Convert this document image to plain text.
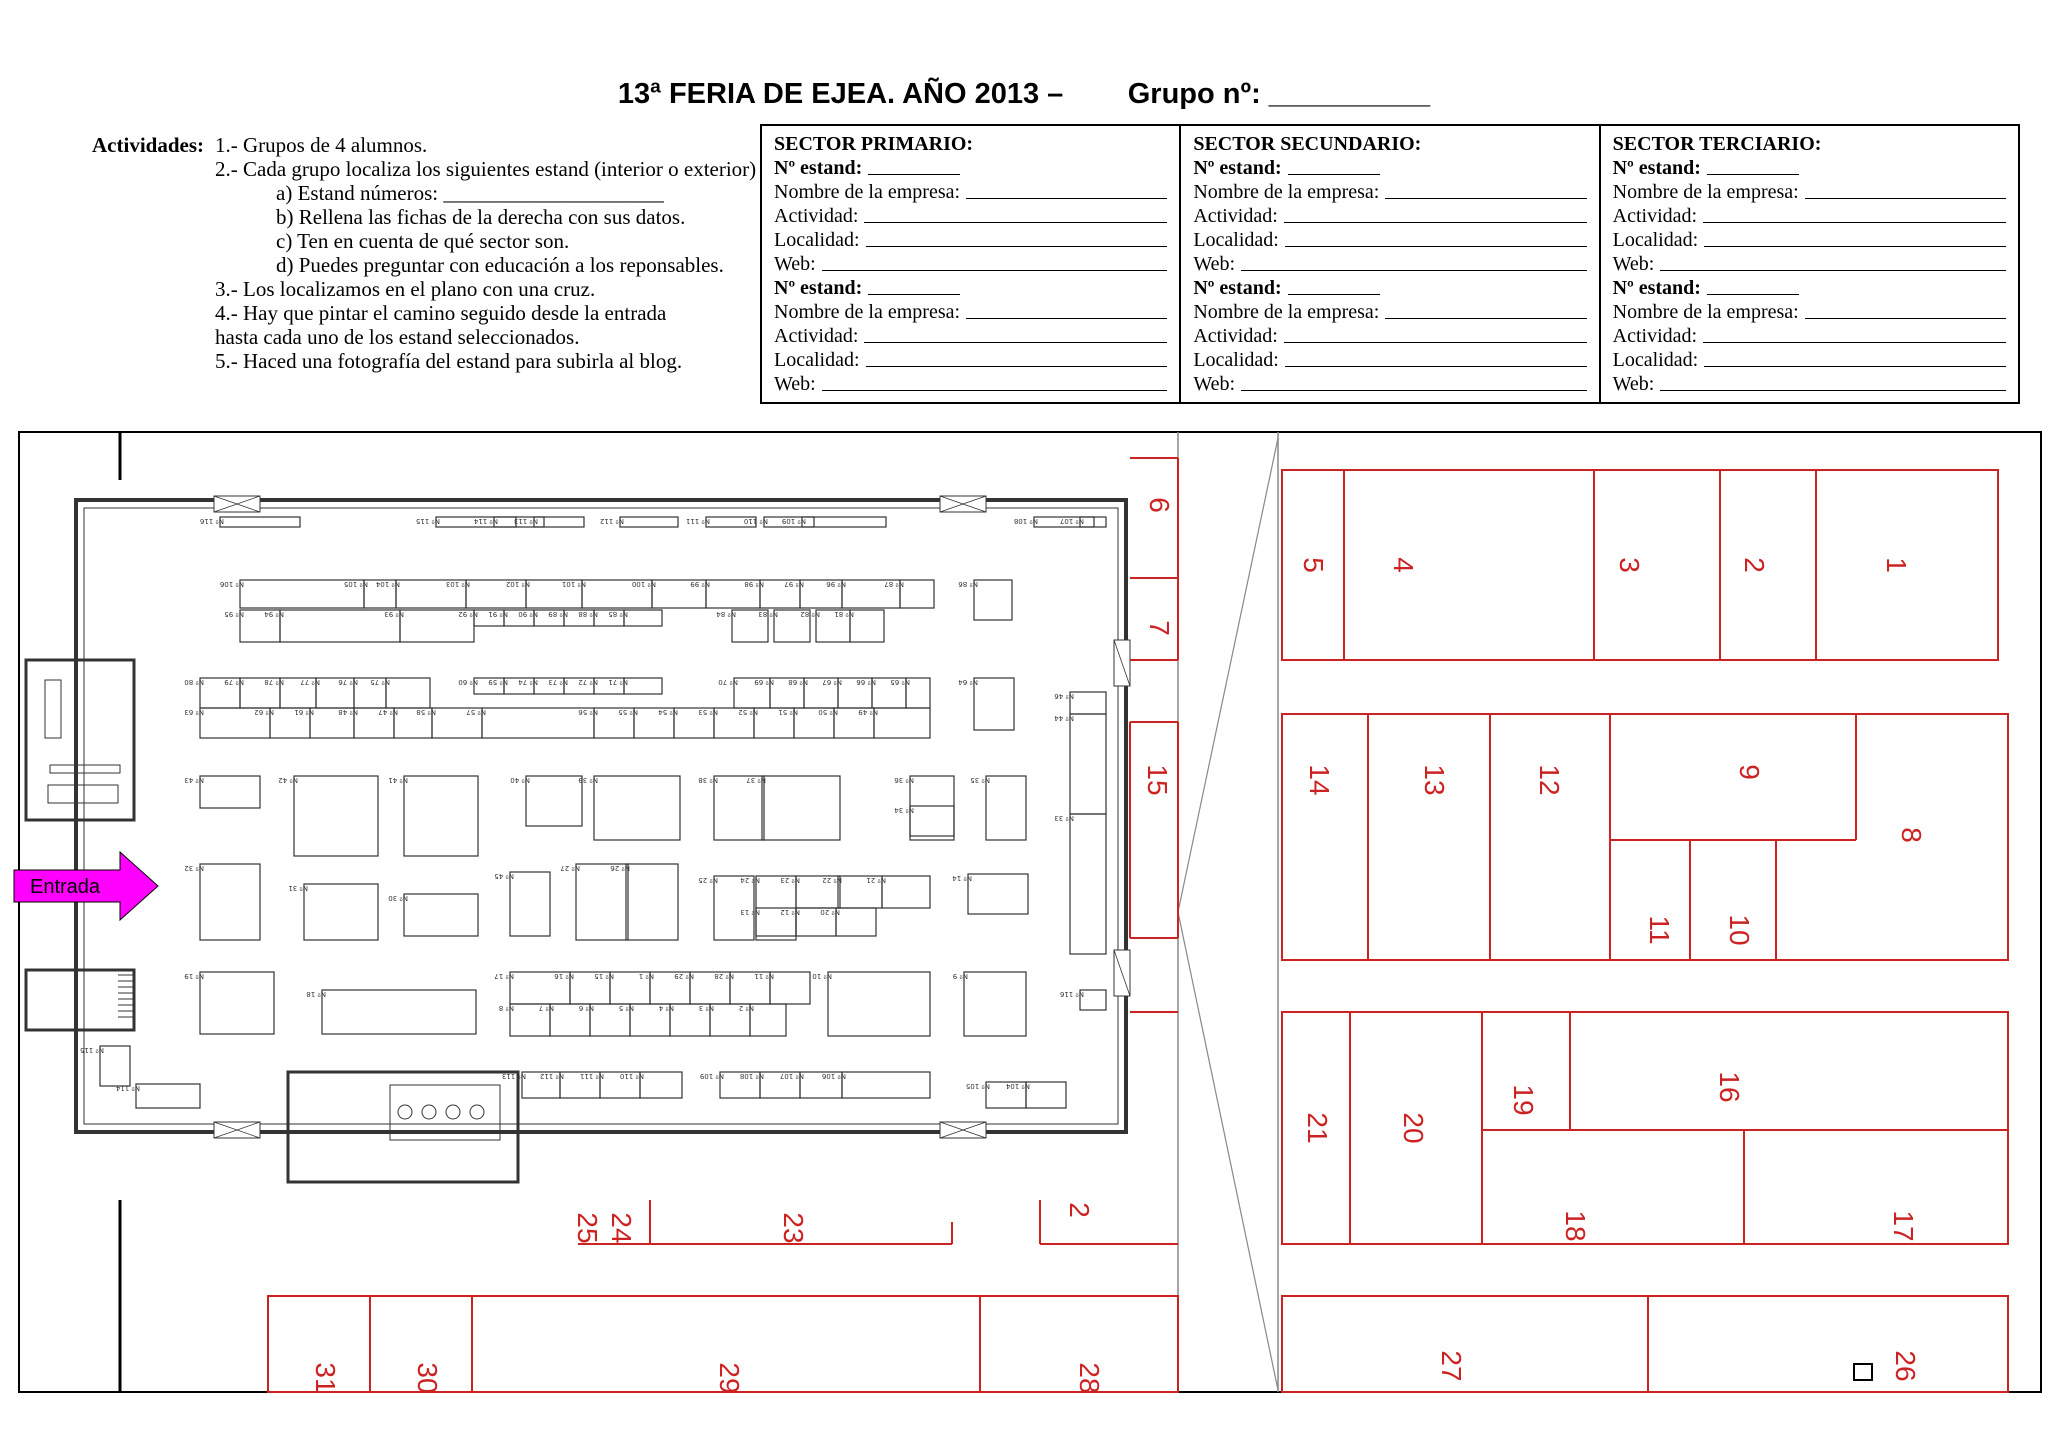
13ª FERIA DE EJEA. AÑO 2013 –        Grupo nº: __________
Actividades: 1.- Grupos de 4 alumnos.
2.- Cada grupo localiza los siguientes estand (interior o exterior)
a) Estand números: _____________________
b) Rellena las fichas de la derecha con sus datos.
c) Ten en cuenta de qué sector son.
d) Puedes preguntar con educación a los reponsables.
3.- Los localizamos en el plano con una cruz.
4.- Hay que pintar el camino seguido desde la entrada
hasta cada uno de los estand seleccionados.
5.- Haced una fotografía del estand para subirla al blog.
SECTOR PRIMARIO:
Nº estand:
Nombre de la empresa:
Actividad:
Localidad:
Web:
Nº estand:
Nombre de la empresa:
Actividad:
Localidad:
Web:
SECTOR SECUNDARIO:
Nº estand:
Nombre de la empresa:
Actividad:
Localidad:
Web:
Nº estand:
Nombre de la empresa:
Actividad:
Localidad:
Web:
SECTOR TERCIARIO:
Nº estand:
Nombre de la empresa:
Actividad:
Localidad:
Web:
Nº estand:
Nombre de la empresa:
Actividad:
Localidad:
Web:
Nº 116	Nº 115	Nº 114 Nº 113	Nº 112	Nº 111	Nº 110 Nº 109	Nº 108	Nº 107
Nº 106	Nº 105 Nº 104	Nº 103	Nº 102	Nº 101	Nº 100	Nº 99	Nº 98	Nº 97	Nº 96	Nº 87	Nº 86
Nº 95	Nº 94	Nº 93	Nº 92 Nº 91 Nº 90 Nº 89 Nº 88 Nº 85	Nº 84	Nº 83	Nº 82 Nº 81
Nº 80	Nº 79	Nº 78 Nº 77	Nº 76 Nº 75	Nº 60 Nº 59 Nº 74 Nº 73 Nº 72 Nº 71	Nº 70 Nº 69 Nº 68 Nº 67 Nº 66 Nº 65	Nº 64
Nº 63	Nº 62	Nº 61	Nº 48	Nº 47	Nº 58	Nº 57	Nº 56	Nº 55	Nº 54	Nº 53	Nº 52	Nº 51	Nº 50	Nº 49
Nº 46
Nº 44
Nº 43	Nº 42	Nº 41	Nº 40	Nº 39	Nº 38	Nº 37	Nº 36	Nº 35
Nº 34
Nº 33
Nº 32
Nº 31
Nº 30
Nº 45
Nº 27	Nº 26
Nº 25	Nº 24	Nº 23	Nº 22	Nº 21	Nº 14
Nº 13	Nº 12	Nº 20
Nº 19
Nº 18
Nº 17	Nº 16	Nº 15	Nº 1	Nº 29	Nº 28	Nº 11	Nº 10	Nº 9
Nº 8	Nº 7	Nº 6	Nº 5	Nº 4	Nº 3	Nº 2
Nº 116
Nº 115
Nº 114
Nº 113 Nº 112 Nº 111 Nº 110	Nº 109 Nº 108 Nº 107	Nº 106
Nº 105 Nº 104
5 4	3	2	1
6
7
15	14	13	12	9
11 10
8
21 20
19	16
18	17
25 24	23
2
31	30	29	28	27	26
Entrada
